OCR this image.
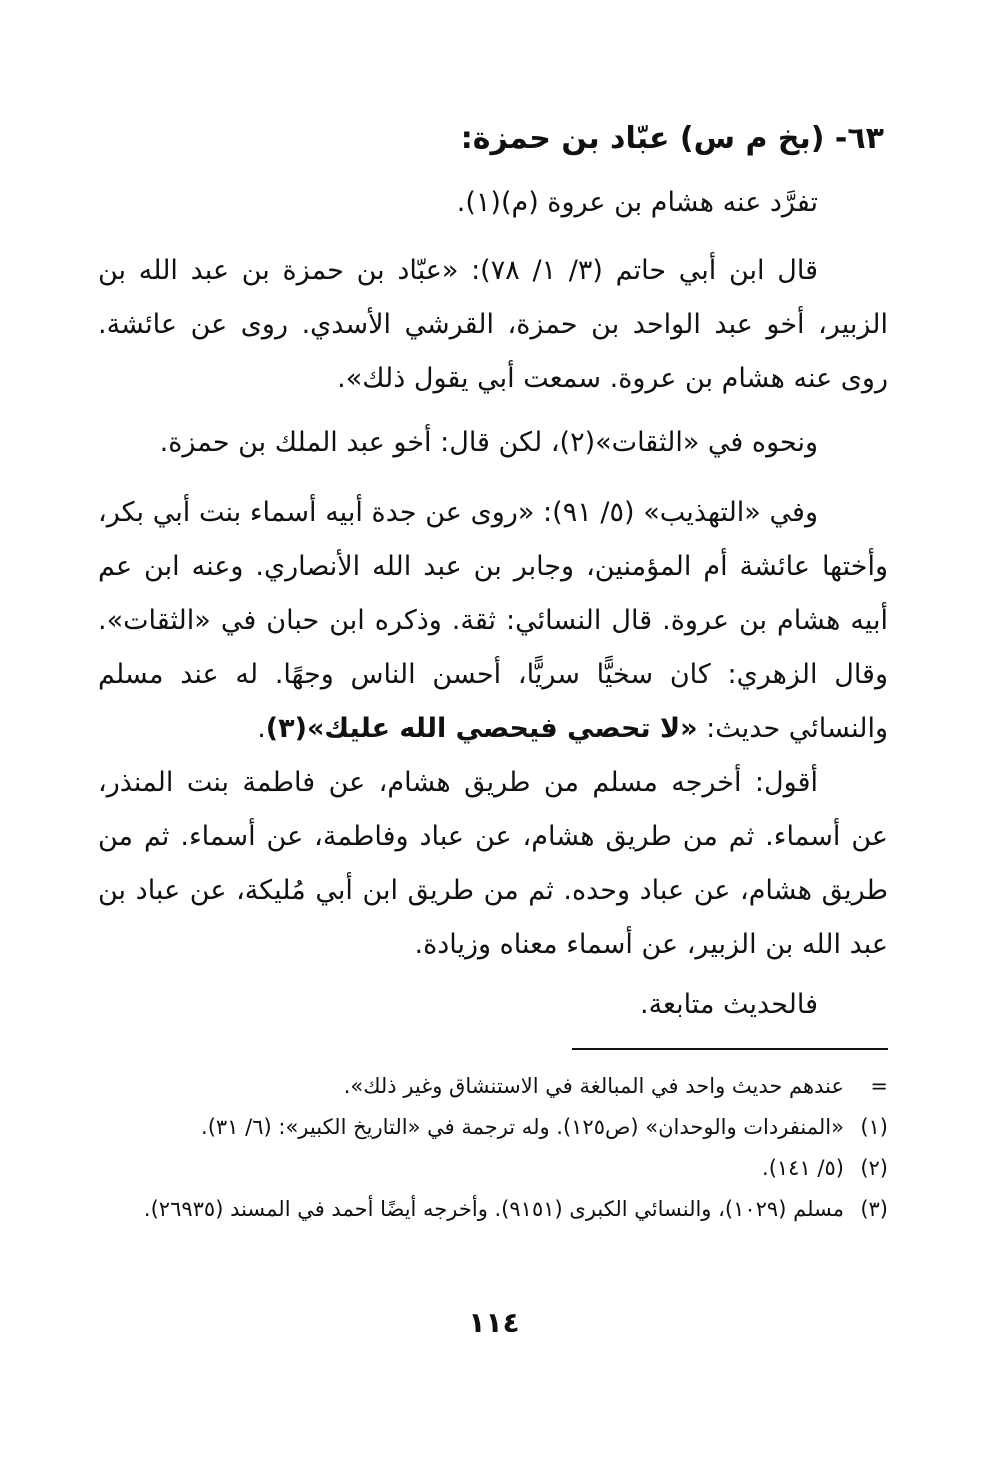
٦٣- (بخ م س) عبّاد بن حمزة:

تفرَّد عنه هشام بن عروة (م)(١).

قال ابن أبي حاتم (٣/ ١/ ٧٨): «عبّاد بن حمزة بن عبد الله بن الزبير، أخو عبد الواحد بن حمزة، القرشي الأسدي. روى عن عائشة. روى عنه هشام بن عروة. سمعت أبي يقول ذلك».

ونحوه في «الثقات»(٢)، لكن قال: أخو عبد الملك بن حمزة.

وفي «التهذيب» (٥/ ٩١): «روى عن جدة أبيه أسماء بنت أبي بكر، وأختها عائشة أم المؤمنين، وجابر بن عبد الله الأنصاري. وعنه ابن عم أبيه هشام بن عروة. قال النسائي: ثقة. وذكره ابن حبان في «الثقات». وقال الزهري: كان سخيًّا سريًّا، أحسن الناس وجهًا. له عند مسلم والنسائي حديث: «لا تحصي فيحصي الله عليك»(٣).

أقول: أخرجه مسلم من طريق هشام، عن فاطمة بنت المنذر، عن أسماء. ثم من طريق هشام، عن عباد وفاطمة، عن أسماء. ثم من طريق هشام، عن عباد وحده. ثم من طريق ابن أبي مُليكة، عن عباد بن عبد الله بن الزبير، عن أسماء معناه وزيادة.

فالحديث متابعة.

=
عندهم حديث واحد في المبالغة في الاستنشاق وغير ذلك».
(١)
«المنفردات والوحدان» (ص١٢٥). وله ترجمة في «التاريخ الكبير»: (٦/ ٣١).
(٢)
(٥/ ١٤١).
(٣)
مسلم (١٠٢٩)، والنسائي الكبرى (٩١٥١). وأخرجه أيضًا أحمد في المسند (٢٦٩٣٥).
١١٤
